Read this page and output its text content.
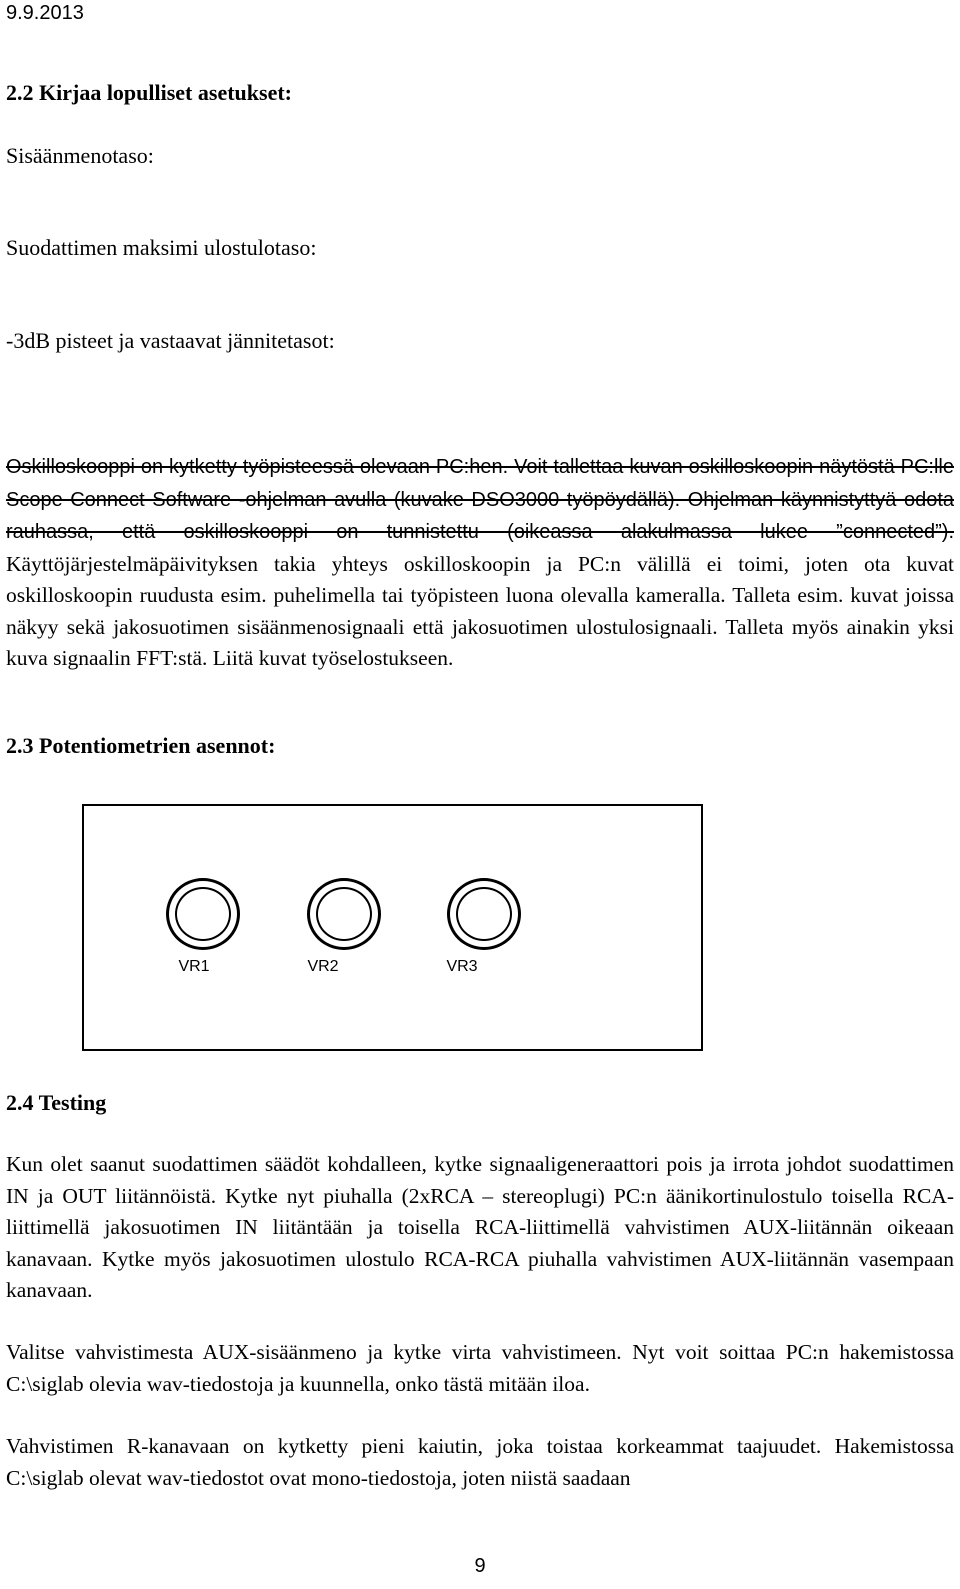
9.9.2013
2.2 Kirjaa lopulliset asetukset:

Sisäänmenotaso:

Suodattimen maksimi ulostulotaso:

-3dB pisteet ja vastaavat jännitetasot:

Oskilloskooppi on kytketty työpisteessä olevaan PC:hen. Voit tallettaa kuvan oskilloskoopin näytöstä PC:lle Scope Connect Software -ohjelman avulla (kuvake DSO3000 työpöydällä). Ohjelman käynnistyttyä odota rauhassa, että oskilloskooppi on tunnistettu (oikeassa alakulmassa lukee ”connected”). Käyttöjärjestelmäpäivityksen takia yhteys oskilloskoopin ja PC:n välillä ei toimi, joten ota kuvat oskilloskoopin ruudusta esim. puhelimella tai työpisteen luona olevalla kameralla. Talleta esim. kuvat joissa näkyy sekä jakosuotimen sisäänmenosignaali että jakosuotimen ulostulosignaali. Talleta myös ainakin yksi kuva signaalin FFT:stä. Liitä kuvat työselostukseen.

2.3 Potentiometrien asennot:
VR1	VR2	VR3
2.4 Testing

Kun olet saanut suodattimen säädöt kohdalleen, kytke signaaligeneraattori pois ja irrota johdot suodattimen IN ja OUT liitännöistä. Kytke nyt piuhalla (2xRCA – stereoplugi) PC:n äänikortinulostulo toisella RCA-liittimellä jakosuotimen IN liitäntään ja toisella RCA-liittimellä vahvistimen AUX-liitännän oikeaan kanavaan. Kytke myös jakosuotimen ulostulo RCA-RCA piuhalla vahvistimen AUX-liitännän vasempaan kanavaan.

Valitse vahvistimesta AUX-sisäänmeno ja kytke virta vahvistimeen. Nyt voit soittaa PC:n hakemistossa C:\siglab olevia wav-tiedostoja ja kuunnella, onko tästä mitään iloa.

Vahvistimen R-kanavaan on kytketty pieni kaiutin, joka toistaa korkeammat taajuudet. Hakemistossa C:\siglab olevat wav-tiedostot ovat mono-tiedostoja, joten niistä saadaan

9
